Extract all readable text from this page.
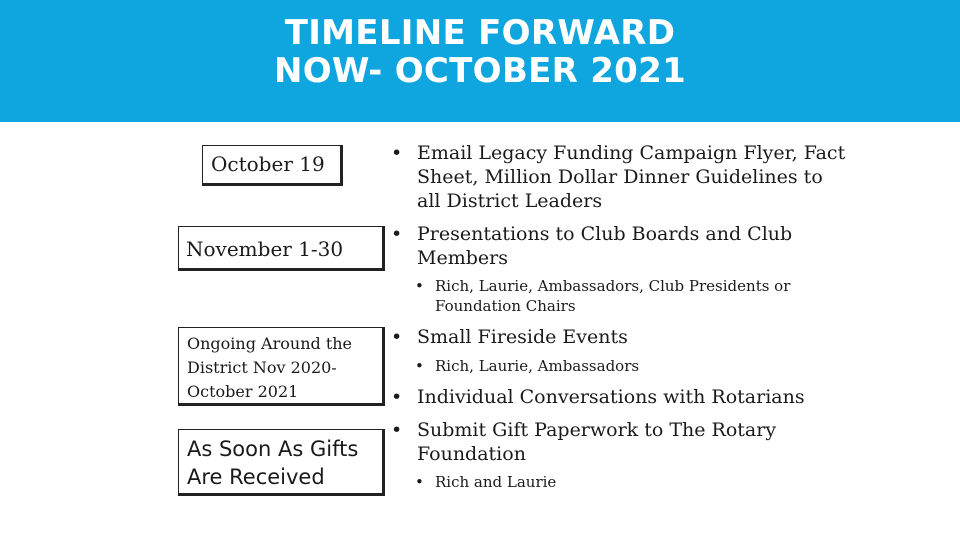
TIMELINE FORWARD
NOW- OCTOBER 2021
October 19
November 1-30
Ongoing Around the District Nov 2020- October 2021
As Soon As Gifts Are Received
• Email Legacy Funding Campaign Flyer, Fact Sheet, Million Dollar Dinner Guidelines to all District Leaders
• Presentations to Club Boards and Club Members
• Rich, Laurie, Ambassadors, Club Presidents or Foundation Chairs
• Small Fireside Events
• Rich, Laurie, Ambassadors
• Individual Conversations with Rotarians
• Submit Gift Paperwork to The Rotary Foundation
• Rich and Laurie
